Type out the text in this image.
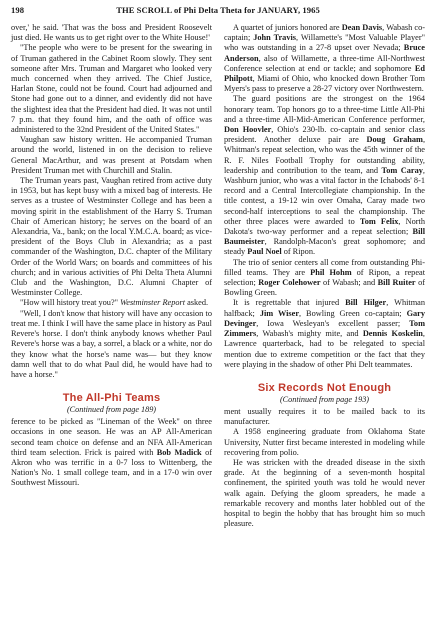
198	THE SCROLL of Phi Delta Theta for JANUARY, 1965

over,' he said. 'That was the boss and President Roosevelt just died. He wants us to get right over to the White House!'

"The people who were to be present for the swearing in of Truman gathered in the Cabinet Room slowly. They sent someone after Mrs. Truman and Margaret who looked very much concerned when they arrived. The Chief Justice, Harlan Stone, could not be found. Court had adjourned and Stone had gone out to a dinner, and evidently did not have the slightest idea that the President had died. It was not until 7 p.m. that they found him, and the oath of office was administered to the 32nd President of the United States."

Vaughan saw history written. He accompanied Truman around the world, listened in on the decision to relieve General MacArthur, and was present at Potsdam when President Truman met with Churchill and Stalin.

The Truman years past, Vaughan retired from active duty in 1953, but has kept busy with a mixed bag of interests. He serves as a trustee of Westminster College and has been a moving spirit in the establishment of the Harry S. Truman Chair of American history; he serves on the board of an Alexandria, Va., bank; on the local Y.M.C.A. board; as vice-president of the Boys Club in Alexandria; as a past commander of the Washington, D.C. chapter of the Military Order of the World Wars; on boards and committees of his church; and in various activities of Phi Delta Theta Alumni Club and the Washington, D.C. Alumni Chapter of Westminster College.

"How will history treat you?" Westminster Report asked.

"Well, I don't know that history will have any occasion to treat me. I think I will have the same place in history as Paul Revere's horse. I don't think anybody knows whether Paul Revere's horse was a bay, a sorrel, a black or a white, nor do they know what the horse's name was— but they know damn well that to do what Paul did, he would have had to have a horse."

The All-Phi Teams
(Continued from page 189)

ference to be picked as "Lineman of the Week" on three occasions in one season. He was an AP All-American second team choice on defense and an NFA All-American third team selection. Frick is paired with Bob Madick of Akron who was terrific in a 0-7 loss to Wittenberg, the Nation's No. 1 small college team, and in a 17-0 win over Southwest Missouri.

A quartet of juniors honored are Dean Davis, Wabash co-captain; John Travis, Willamette's "Most Valuable Player" who was outstanding in a 27-8 upset over Nevada; Bruce Anderson, also of Willamette, a three-time All-Northwest Conference selection at end or tackle; and sophomore Ed Philpott, Miami of Ohio, who knocked down Brother Tom Myers's pass to preserve a 28-27 victory over Northwestern.

The guard positions are the strongest on the 1964 honorary team. Top honors go to a three-time Little All-Phi and a three-time All-Mid-American Conference performer, Don Hoovler, Ohio's 230-lb. co-captain and senior class president. Another deluxe pair are Doug Graham, Whitman's repeat selection, who was the 45th winner of the R. F. Niles Football Trophy for outstanding ability, leadership and contribution to the team, and Tom Caray, Washburn junior, who was a vital factor in the Ichabods' 8-1 record and a Central Intercollegiate championship. In the title contest, a 19-12 win over Omaha, Caray made two second-half interceptions to seal the championship. The other three places were awarded to Tom Felix, North Dakota's two-way performer and a repeat selection; Bill Baumeister, Randolph-Macon's great sophomore; and steady Paul Noel of Ripon.

The trio of senior centers all come from outstanding Phi-filled teams. They are Phil Hohm of Ripon, a repeat selection; Roger Colehower of Wabash; and Bill Ruiter of Bowling Green.

It is regrettable that injured Bill Hilger, Whitman halfback; Jim Wiser, Bowling Green co-captain; Gary Devinger, Iowa Wesleyan's excellent passer; Tom Zimmers, Wabash's mighty mite, and Dennis Koskelin, Lawrence quarterback, had to be relegated to special mention due to extreme competition or the fact that they were playing in the shadow of other Phi Delt teammates.

Six Records Not Enough
(Continued from page 193)

ment usually requires it to be mailed back to its manufacturer.

A 1958 engineering graduate from Oklahoma State University, Nutter first became interested in modeling while recovering from polio.

He was stricken with the dreaded disease in the sixth grade. At the beginning of a seven-month hospital confinement, the spirited youth was told he would never walk again. Defying the gloom spreaders, he made a remarkable recovery and months later hobbled out of the hospital to begin the hobby that has brought him so much pleasure.
